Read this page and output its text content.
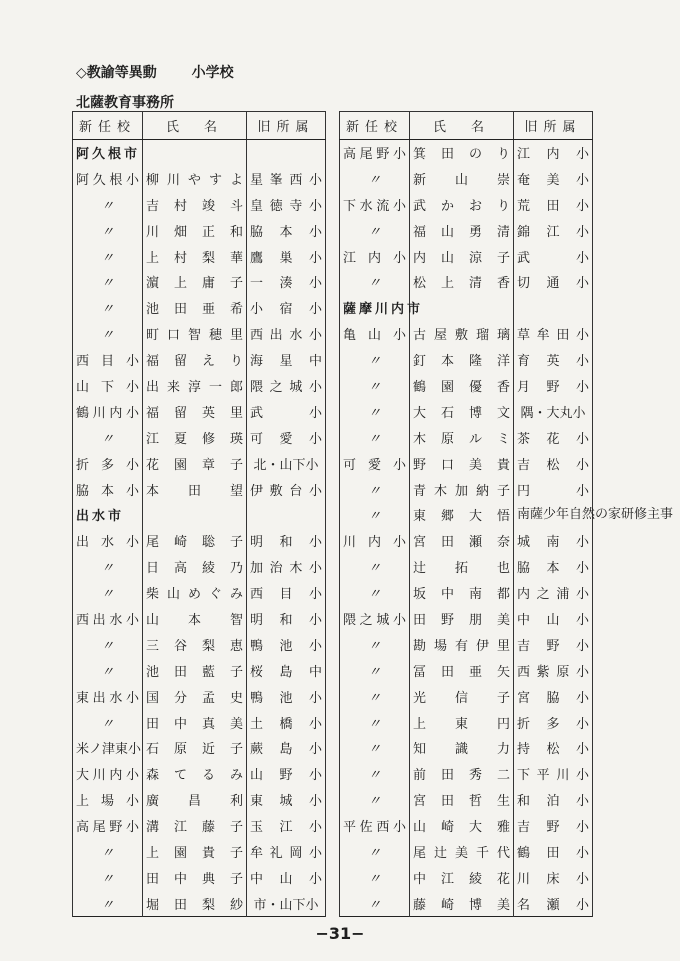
◇教諭等異動 小学校
北薩教育事務所
新任校	氏　名	旧所属
阿久根市		
阿久根小	柳川やすよ	星峯西小
〃	吉村竣斗	皇徳寺小
〃	川畑正和	脇本小
〃	上村梨華	鷹巣小
〃	濵上庸子	一湊小
〃	池田亜希	小宿小
〃	町口智穂里	西出水小
西目小	福留えり	海星中
山下小	出来淳一郎	隈之城小
鶴川内小	福留英里	武小
〃	江夏修瑛	可愛小
折多小	花園章子	北・山下小
脇本小	本田望	伊敷台小
出水市		
出水小	尾崎聡子	明和小
〃	日高綾乃	加治木小
〃	柴山めぐみ	西目小
西出水小	山本智	明和小
〃	三谷梨恵	鴨池小
〃	池田藍子	桜島中
東出水小	国分孟史	鴨池小
〃	田中真美	土橋小
米ノ津東小	石原近子	蕨島小
大川内小	森てるみ	山野小
上場小	廣昌利	東城小
高尾野小	溝江藤子	玉江小
〃	上園貴子	牟礼岡小
〃	田中典子	中山小
〃	堀田梨紗	市・山下小
新任校	氏　名	旧所属
高尾野小	箕田のり	江内小
〃	新山崇	奄美小
下水流小	武かおり	荒田小
〃	福山勇清	錦江小
江内小	内山涼子	武小
〃	松上清香	切通小
薩摩川内市		
亀山小	古屋敷瑠璃	草牟田小
〃	釘本隆洋	育英小
〃	鶴園優香	月野小
〃	大石博文	隅・大丸小
〃	木原ルミ	茶花小
可愛小	野口美貴	吉松小
〃	青木加納子	円小
〃	東郷大悟	南薩少年自然の家研修主事
川内小	宮田瀬奈	城南小
〃	辻拓也	脇本小
〃	坂中南都	内之浦小
隈之城小	田野朋美	中山小
〃	勘場有伊里	吉野小
〃	冨田亜矢	西紫原小
〃	光信子	宮脇小
〃	上東円	折多小
〃	知識力	持松小
〃	前田秀二	下平川小
〃	宮田哲生	和泊小
平佐西小	山崎大雅	吉野小
〃	尾辻美千代	鶴田小
〃	中江綾花	川床小
〃	藤崎博美	名瀬小
−31−
